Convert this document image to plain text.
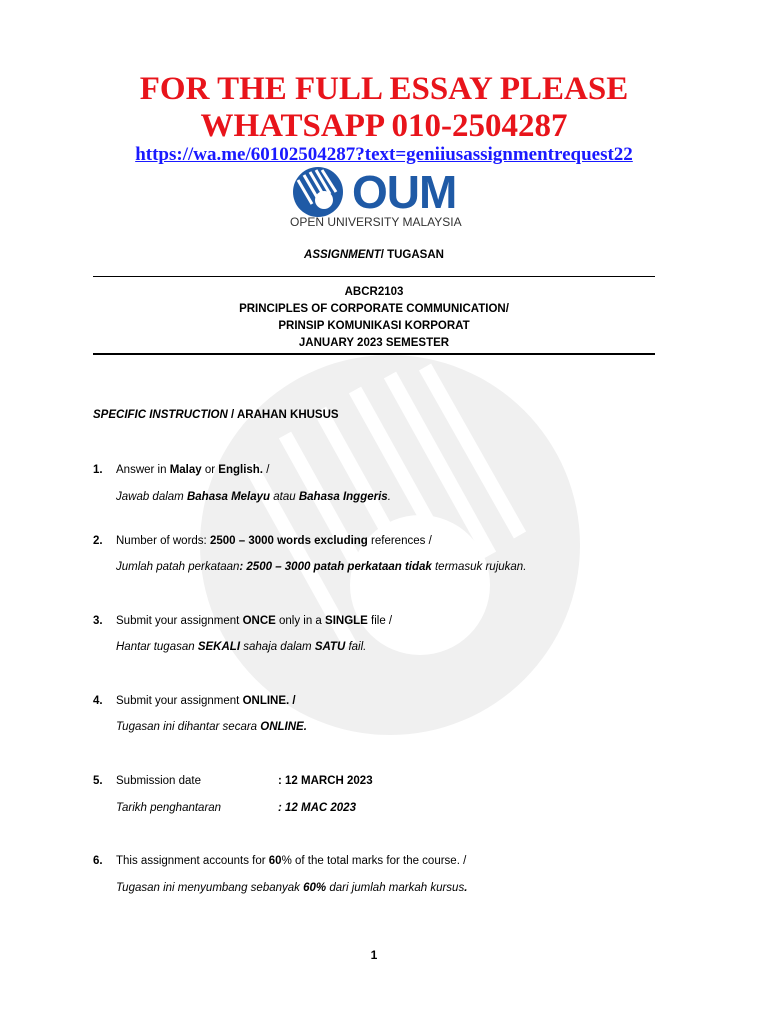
FOR THE FULL ESSAY PLEASE
WHATSAPP 010-2504287
https://wa.me/60102504287?text=geniiusassignmentrequest22
OUM
OPEN UNIVERSITY MALAYSIA
ASSIGNMENT/ TUGASAN
ABCR2103
PRINCIPLES OF CORPORATE COMMUNICATION/
PRINSIP KOMUNIKASI KORPORAT
JANUARY 2023 SEMESTER
SPECIFIC INSTRUCTION / ARAHAN KHUSUS
1. Answer in Malay or English. /
Jawab dalam Bahasa Melayu atau Bahasa Inggeris.
2. Number of words: 2500 – 3000 words excluding references /
Jumlah patah perkataan: 2500 – 3000 patah perkataan tidak termasuk rujukan.
3. Submit your assignment ONCE only in a SINGLE file /
Hantar tugasan SEKALI sahaja dalam SATU fail.
4. Submit your assignment ONLINE. /
Tugasan ini dihantar secara ONLINE.
5. Submission date	: 12 MARCH 2023
Tarikh penghantaran	: 12 MAC 2023
6. This assignment accounts for 60% of the total marks for the course. /
Tugasan ini menyumbang sebanyak 60% dari jumlah markah kursus.
1
